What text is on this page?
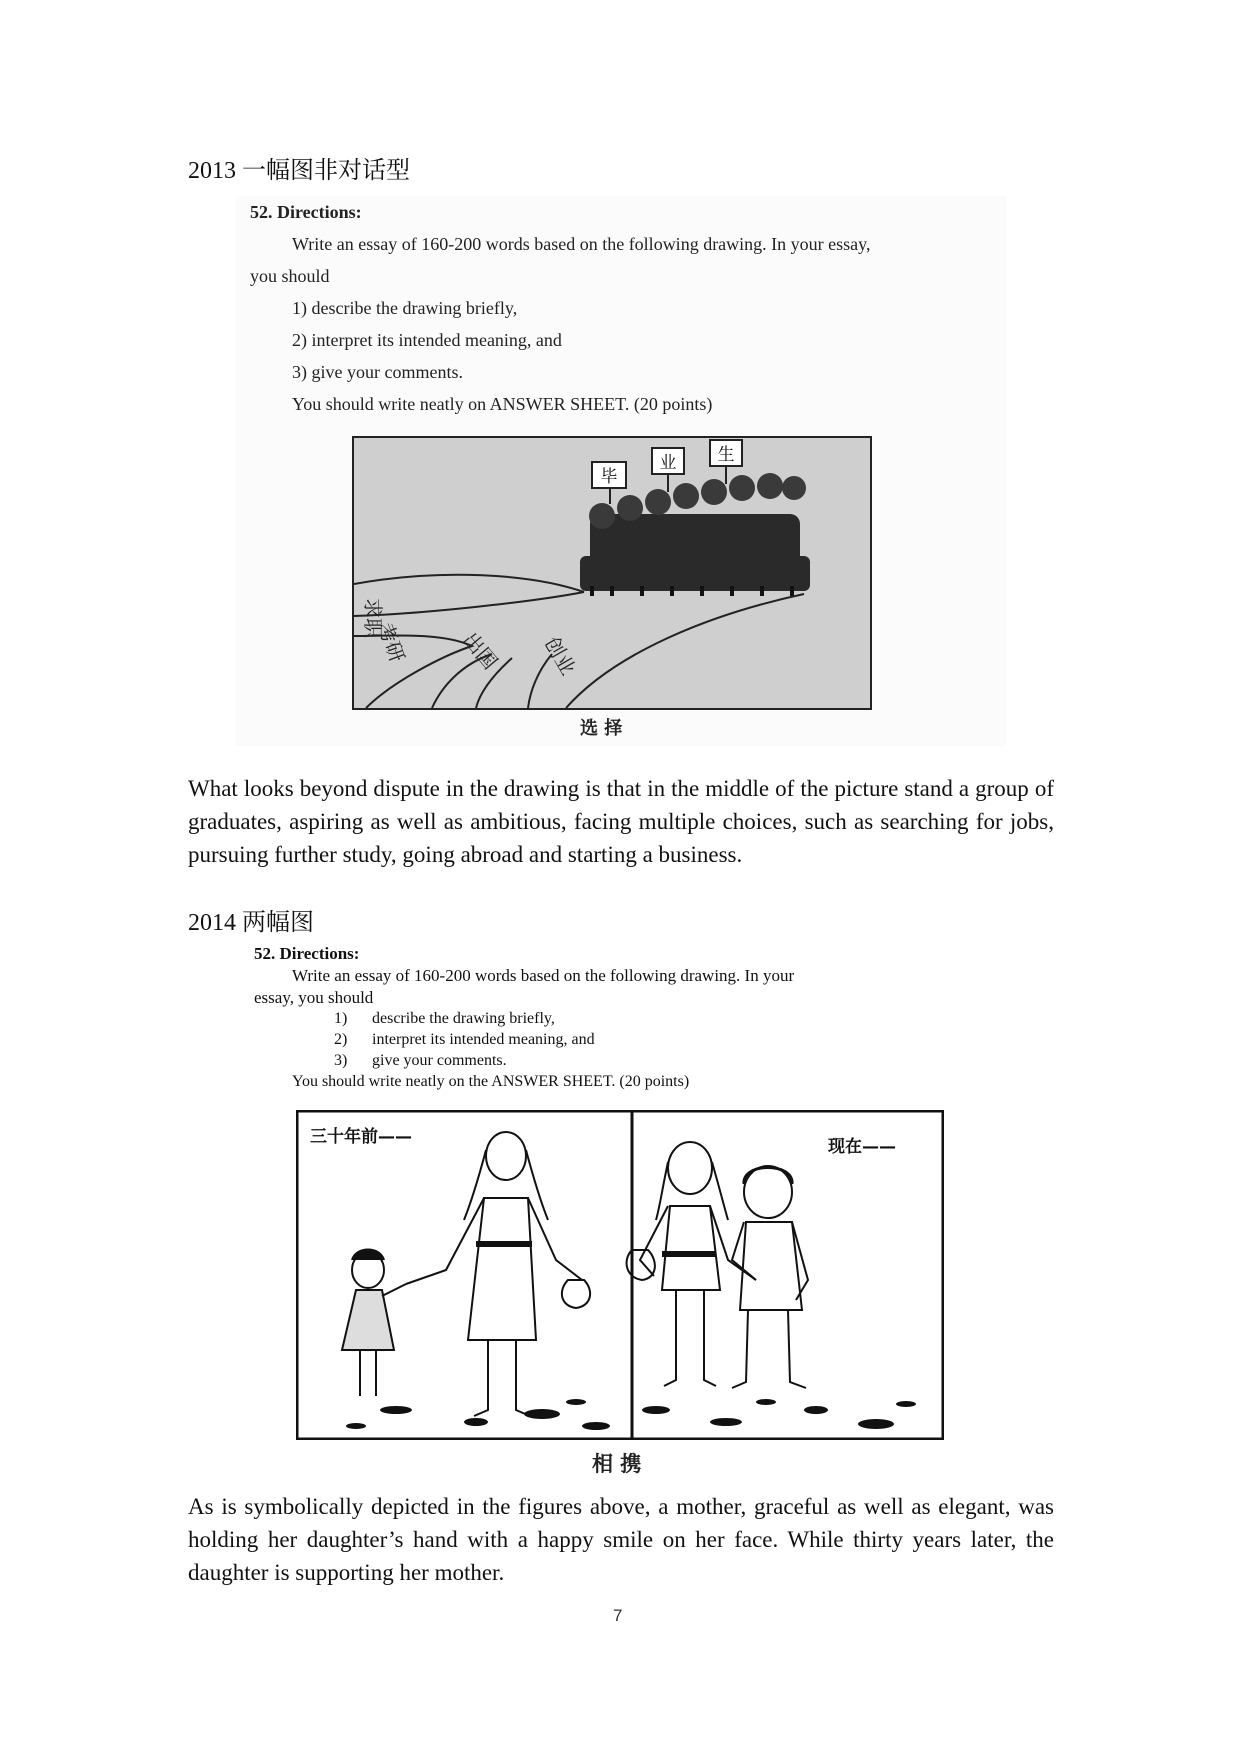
2013 一幅图非对话型
52. Directions:
Write an essay of 160-200 words based on the following drawing. In your essay,
you should
1) describe the drawing briefly,
2) interpret its intended meaning, and
3) give your comments.
You should write neatly on ANSWER SHEET. (20 points)
毕
业 生
求职
考研 出国 创业
选 择
What looks beyond dispute in the drawing is that in the middle of the picture stand a group of graduates, aspiring as well as ambitious, facing multiple choices, such as searching for jobs, pursuing further study, going abroad and starting a business.
2014 两幅图
52. Directions:
Write an essay of 160-200 words based on the following drawing. In your
essay, you should
1) describe the drawing briefly,
2) interpret its intended meaning, and
3) give your comments.
You should write neatly on the ANSWER SHEET. (20 points)
三十年前——	现在——
相 携
As is symbolically depicted in the figures above, a mother, graceful as well as elegant, was holding her daughter’s hand with a happy smile on her face. While thirty years later, the daughter is supporting her mother.
7
